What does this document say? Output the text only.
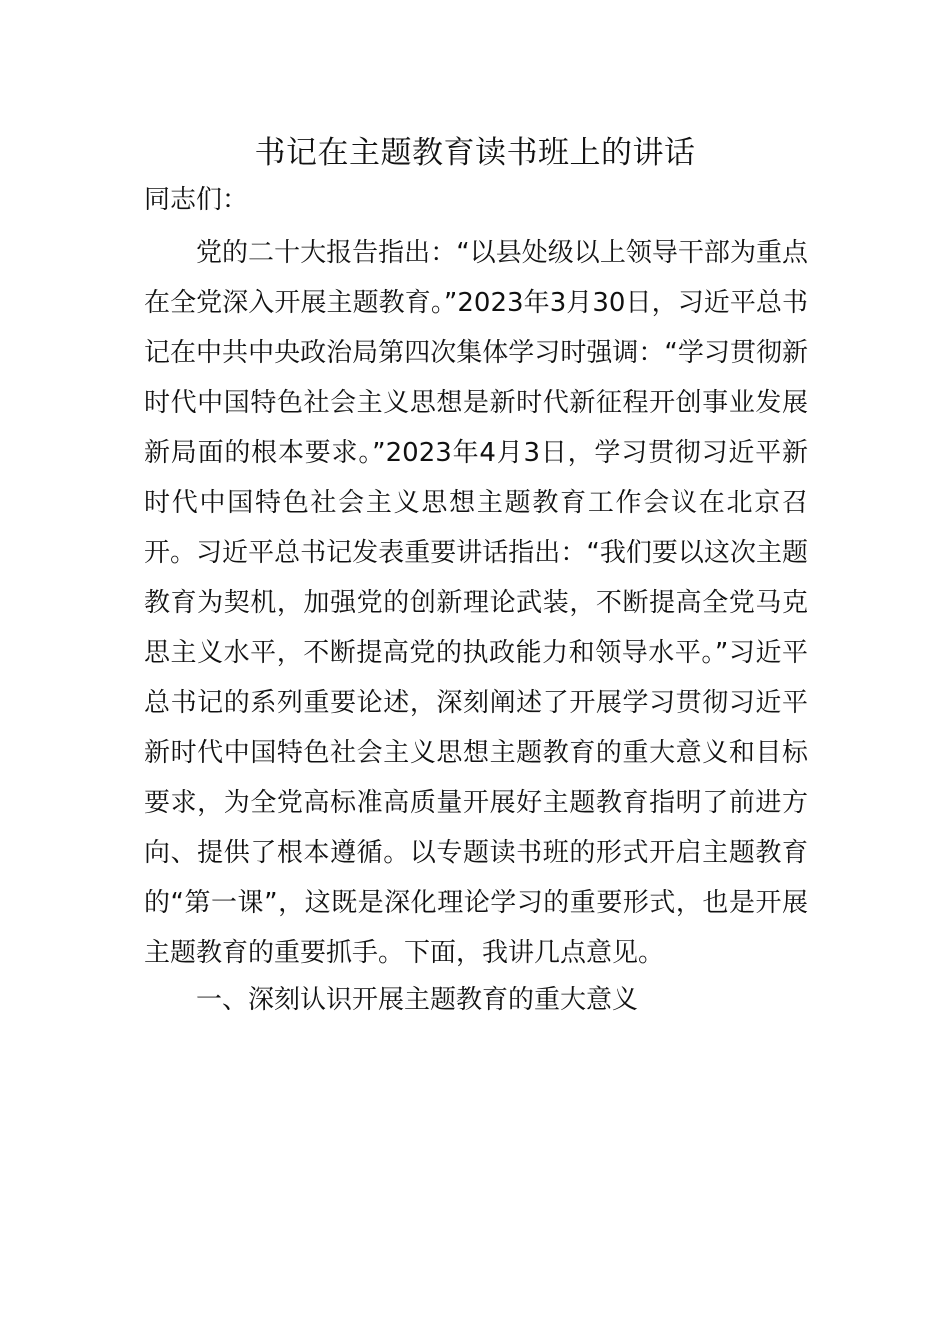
书记在主题教育读书班上的讲话
同志们：

党的二十大报告指出：“以县处级以上领导干部为重点在全党深入开展主题教育。”2023年3月30日，习近平总书记在中共中央政治局第四次集体学习时强调：“学习贯彻新时代中国特色社会主义思想是新时代新征程开创事业发展新局面的根本要求。”2023年4月3日，学习贯彻习近平新时代中国特色社会主义思想主题教育工作会议在北京召开。习近平总书记发表重要讲话指出：“我们要以这次主题教育为契机，加强党的创新理论武装，不断提高全党马克思主义水平，不断提高党的执政能力和领导水平。”习近平总书记的系列重要论述，深刻阐述了开展学习贯彻习近平新时代中国特色社会主义思想主题教育的重大意义和目标要求，为全党高标准高质量开展好主题教育指明了前进方向、提供了根本遵循。以专题读书班的形式开启主题教育的“第一课”，这既是深化理论学习的重要形式，也是开展主题教育的重要抓手。下面，我讲几点意见。

一、深刻认识开展主题教育的重大意义
